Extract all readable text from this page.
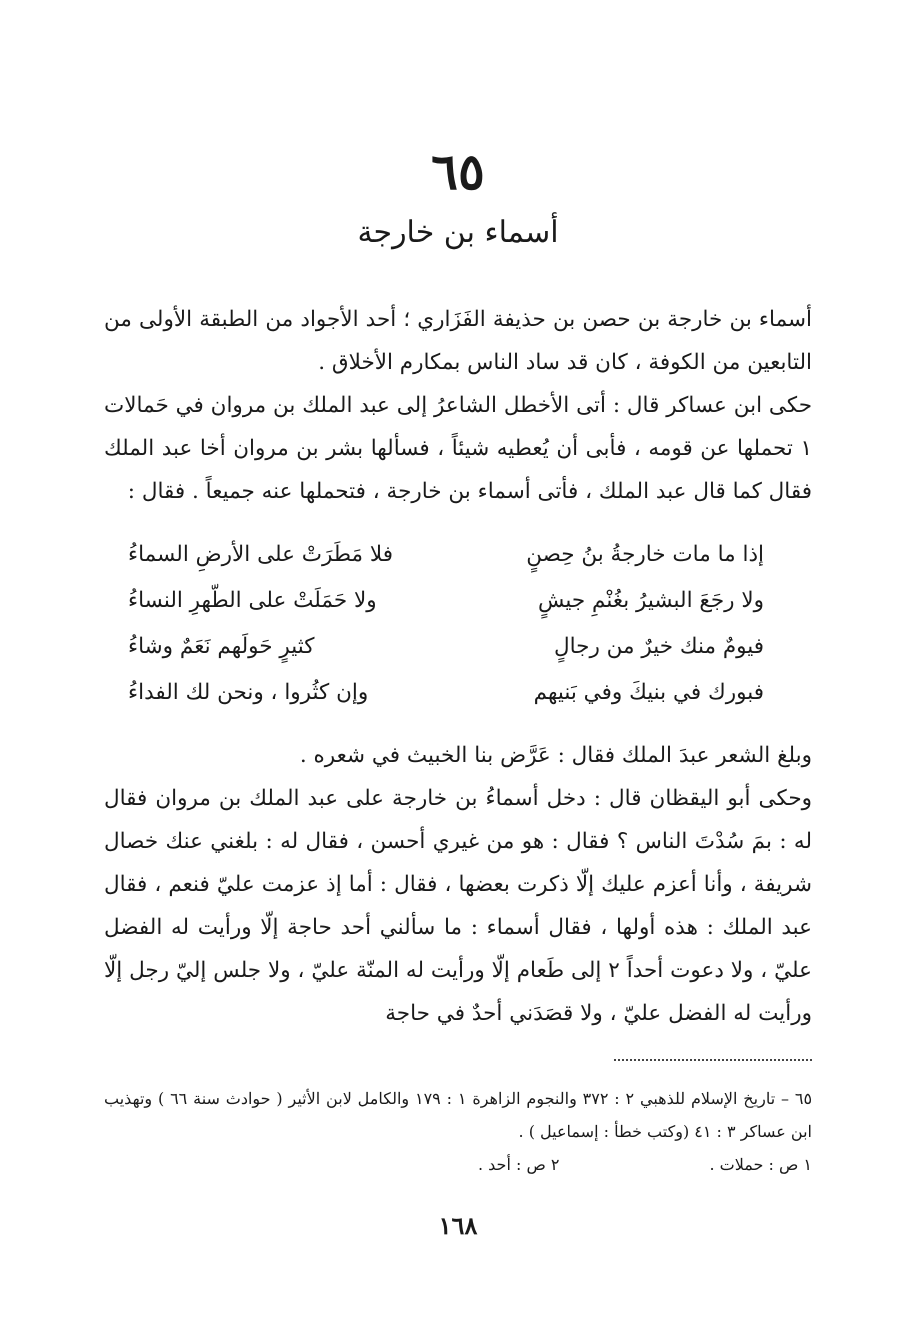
٦٥
أسماء بن خارجة

أسماء بن خارجة بن حصن بن حذيفة الفَزَاري ؛ أحد الأجواد من الطبقة الأولى من التابعين من الكوفة ، كان قد ساد الناس بمكارم الأخلاق .

حكى ابن عساكر قال : أتى الأخطل الشاعرُ إلى عبد الملك بن مروان في حَمالات ١ تحملها عن قومه ، فأبى أن يُعطيه شيئاً ، فسألها بشر بن مروان أخا عبد الملك فقال كما قال عبد الملك ، فأتى أسماء بن خارجة ، فتحملها عنه جميعاً . فقال :

إذا ما مات خارجةُ بنُ حِصنٍ
فلا مَطَرَتْ على الأرضِ السماءُ
ولا رجَعَ البشيرُ بغُنْمِ جيشٍ
ولا حَمَلَتْ على الطّهرِ النساءُ
فيومٌ منك خيرٌ من رجالٍ
كثيرٍ حَولَهم نَعَمٌ وشاءُ
فبورك في بنيكَ وفي بَنيهم
وإن كثُروا ، ونحن لك الفداءُ

وبلغ الشعر عبدَ الملك فقال : عَرَّض بنا الخبيث في شعره .

وحكى أبو اليقظان قال : دخل أسماءُ بن خارجة على عبد الملك بن مروان فقال له : بمَ سُدْتَ الناس ؟ فقال : هو من غيري أحسن ، فقال له : بلغني عنك خصال شريفة ، وأنا أعزم عليك إلّا ذكرت بعضها ، فقال : أما إذ عزمت عليّ فنعم ، فقال عبد الملك : هذه أولها ، فقال أسماء : ما سألني أحد حاجة إلّا ورأيت له الفضل عليّ ، ولا دعوت أحداً ٢ إلى طَعام إلّا ورأيت له المنّة عليّ ، ولا جلس إليّ رجل إلّا ورأيت له الفضل عليّ ، ولا قصَدَني أحدٌ في حاجة

٦٥ – تاريخ الإسلام للذهبي ٢ : ٣٧٢ والنجوم الزاهرة ١ : ١٧٩ والكامل لابن الأثير ( حوادث سنة ٦٦ ) وتهذيب ابن عساكر ٣ : ٤١ (وكتب خطأ : إسماعيل ) .

١ ص : حملات .
٢ ص : أحد .
١٦٨
